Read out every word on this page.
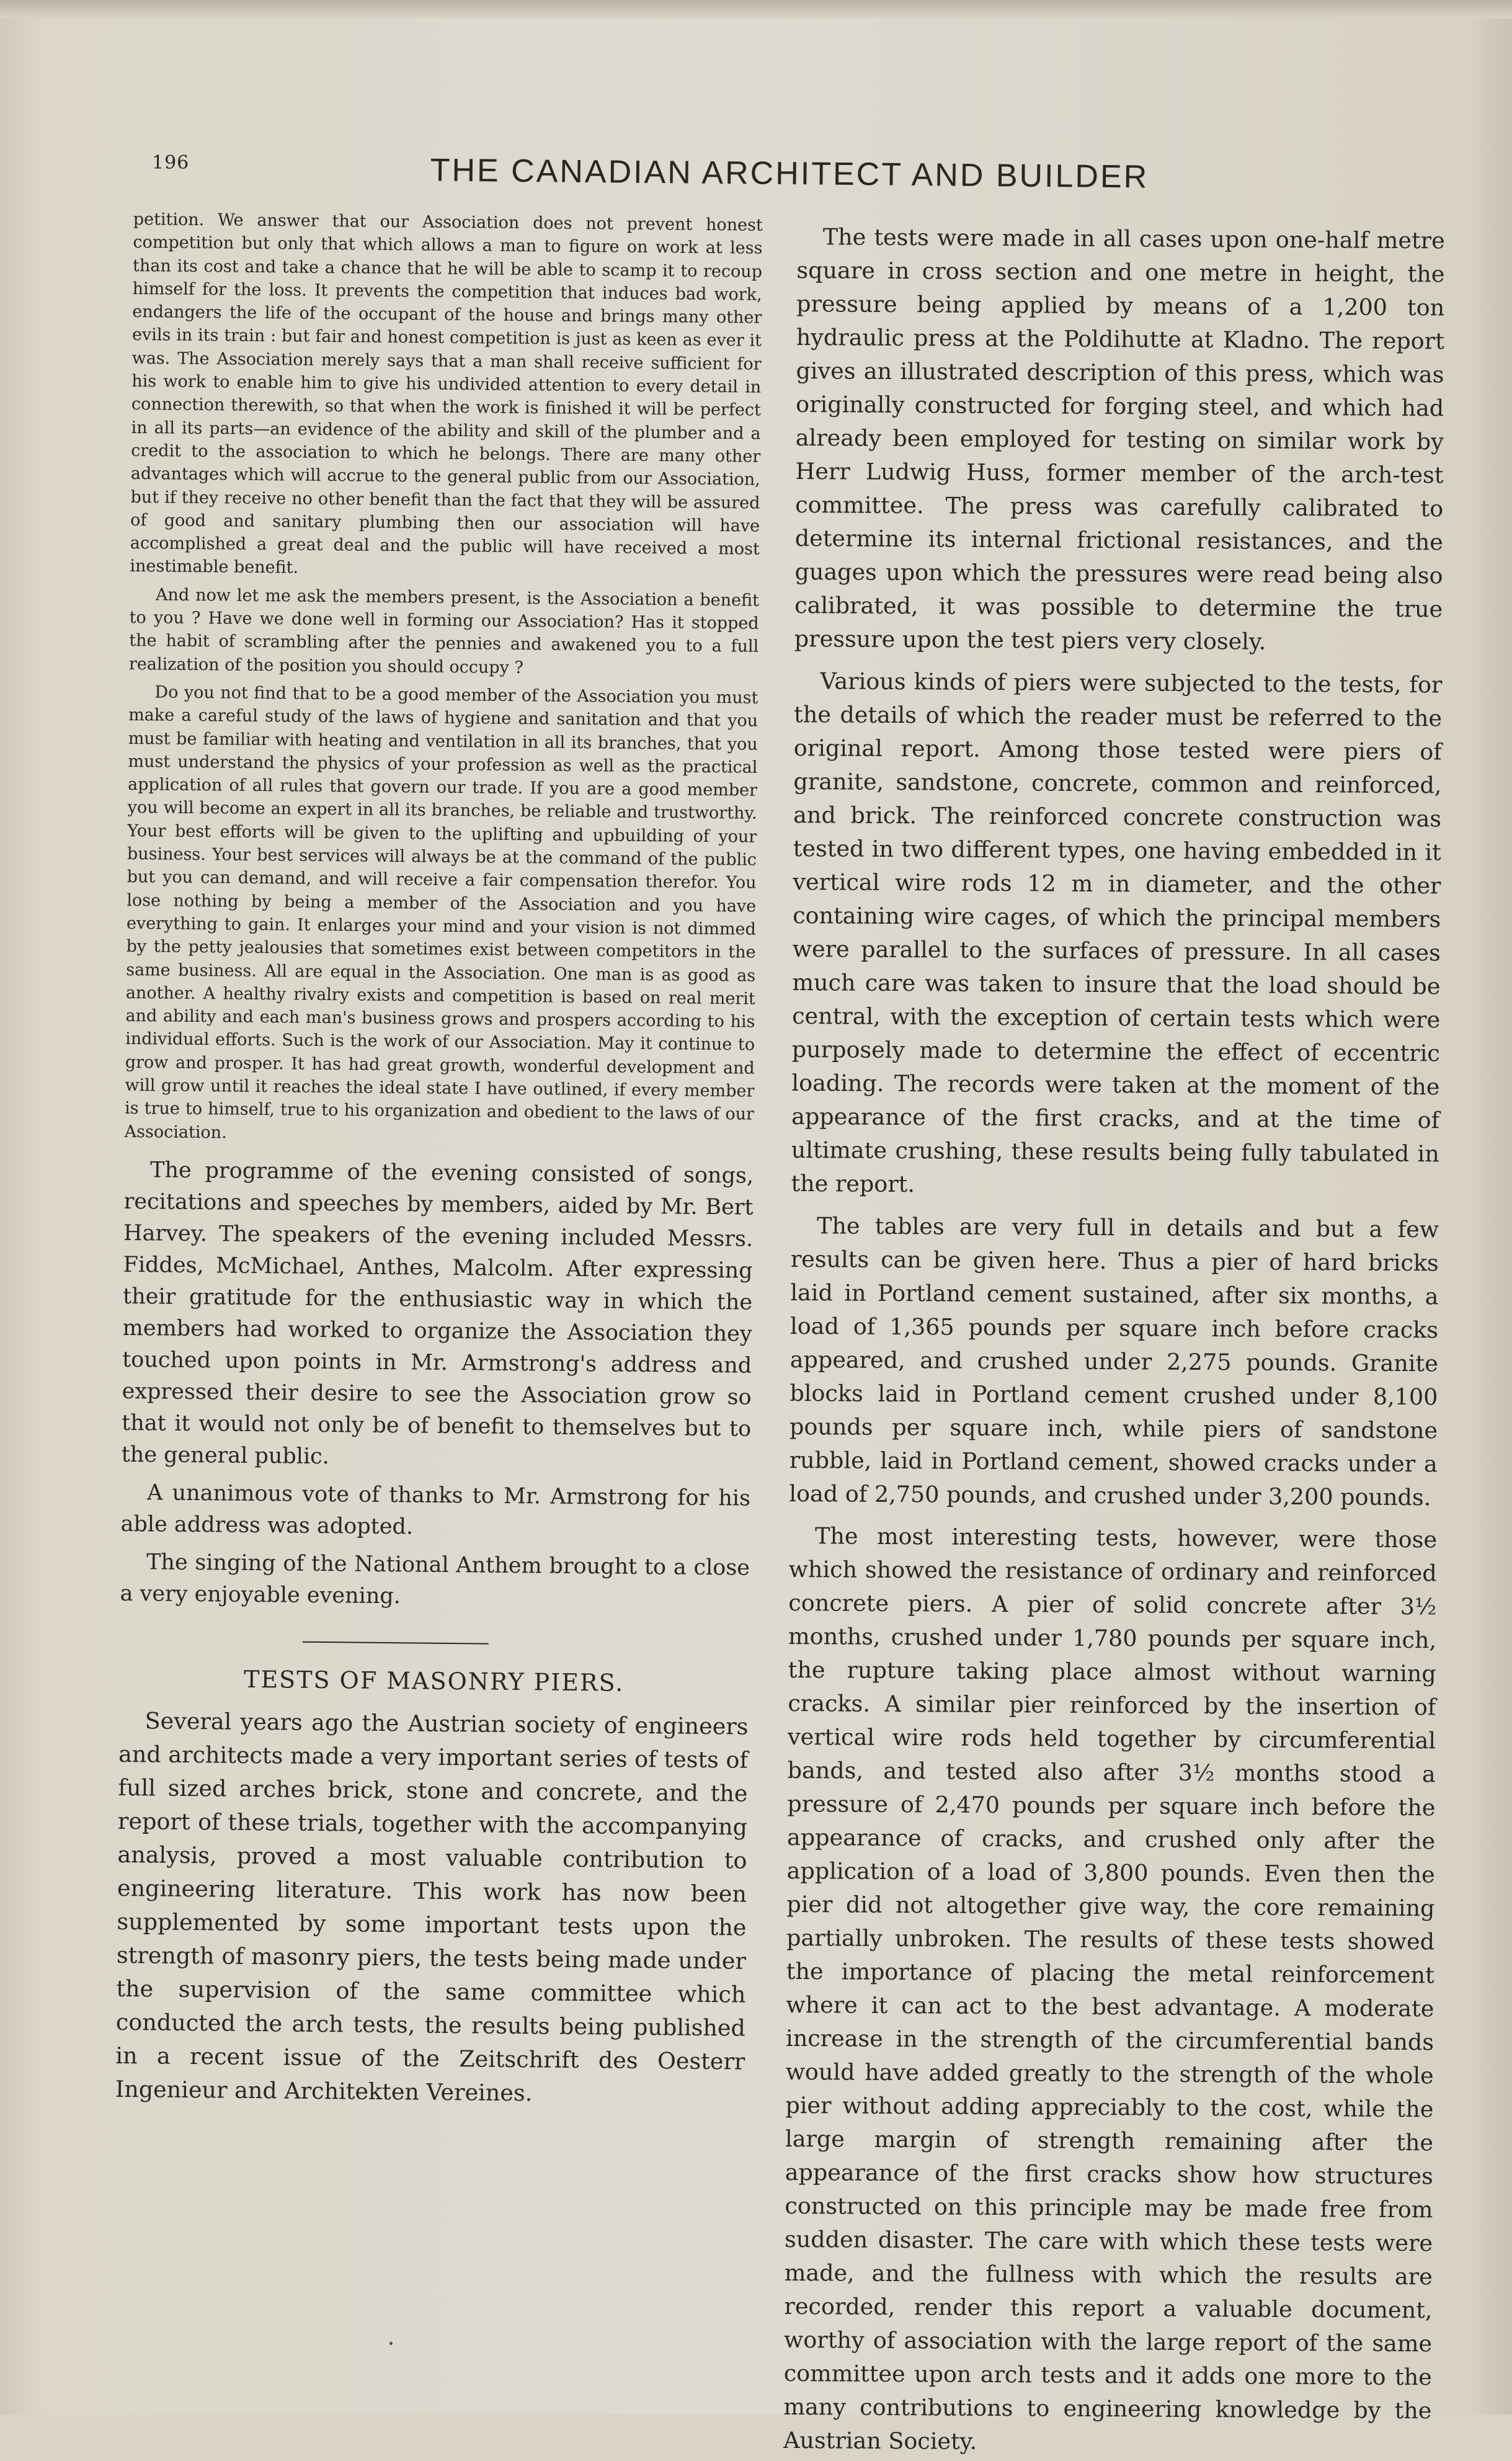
196	THE CANADIAN ARCHITECT AND BUILDER

petition. We answer that our Association does not prevent honest competition but only that which allows a man to figure on work at less than its cost and take a chance that he will be able to scamp it to recoup himself for the loss. It prevents the competition that induces bad work, endangers the life of the occupant of the house and brings many other evils in its train : but fair and honest competition is just as keen as ever it was. The Association merely says that a man shall receive sufficient for his work to enable him to give his undivided attention to every detail in connection therewith, so that when the work is finished it will be perfect in all its parts—an evidence of the ability and skill of the plumber and a credit to the association to which he belongs. There are many other advantages which will accrue to the general public from our Association, but if they receive no other benefit than the fact that they will be assured of good and sanitary plumbing then our association will have accomplished a great deal and the public will have received a most inestimable benefit.

And now let me ask the members present, is the Association a benefit to you ? Have we done well in forming our Association? Has it stopped the habit of scrambling after the pennies and awakened you to a full realization of the position you should occupy ?

Do you not find that to be a good member of the Association you must make a careful study of the laws of hygiene and sanitation and that you must be familiar with heating and ventilation in all its branches, that you must understand the physics of your profession as well as the practical application of all rules that govern our trade. If you are a good member you will become an expert in all its branches, be reliable and trustworthy. Your best efforts will be given to the uplifting and upbuilding of your business. Your best services will always be at the command of the public but you can demand, and will receive a fair compensation therefor. You lose nothing by being a member of the Association and you have everything to gain. It enlarges your mind and your vision is not dimmed by the petty jealousies that sometimes exist between competitors in the same business. All are equal in the Association. One man is as good as another. A healthy rivalry exists and competition is based on real merit and ability and each man's business grows and prospers according to his individual efforts. Such is the work of our Association. May it continue to grow and prosper. It has had great growth, wonderful development and will grow until it reaches the ideal state I have outlined, if every member is true to himself, true to his organization and obedient to the laws of our Association.

The programme of the evening consisted of songs, recitations and speeches by members, aided by Mr. Bert Harvey. The speakers of the evening included Messrs. Fiddes, McMichael, Anthes, Malcolm. After expressing their gratitude for the enthusiastic way in which the members had worked to organize the Association they touched upon points in Mr. Armstrong's address and expressed their desire to see the Association grow so that it would not only be of benefit to themselves but to the general public.

A unanimous vote of thanks to Mr. Armstrong for his able address was adopted.

The singing of the National Anthem brought to a close a very enjoyable evening.

TESTS OF MASONRY PIERS.

Several years ago the Austrian society of engineers and architects made a very important series of tests of full sized arches brick, stone and concrete, and the report of these trials, together with the accompanying analysis, proved a most valuable contribution to engineering literature. This work has now been supplemented by some important tests upon the strength of masonry piers, the tests being made under the supervision of the same committee which conducted the arch tests, the results being published in a recent issue of the Zeitschrift des Oesterr Ingenieur and Architekten Vereines.

The tests were made in all cases upon one-half metre square in cross section and one metre in height, the pressure being applied by means of a 1,200 ton hydraulic press at the Poldihutte at Kladno. The report gives an illustrated description of this press, which was originally constructed for forging steel, and which had already been employed for testing on similar work by Herr Ludwig Huss, former member of the arch-test committee. The press was carefully calibrated to determine its internal frictional resistances, and the guages upon which the pressures were read being also calibrated, it was possible to determine the true pressure upon the test piers very closely.

Various kinds of piers were subjected to the tests, for the details of which the reader must be referred to the original report. Among those tested were piers of granite, sandstone, concrete, common and reinforced, and brick. The reinforced concrete construction was tested in two different types, one having embedded in it vertical wire rods 12 m in diameter, and the other containing wire cages, of which the principal members were parallel to the surfaces of pressure. In all cases much care was taken to insure that the load should be central, with the exception of certain tests which were purposely made to determine the effect of eccentric loading. The records were taken at the moment of the appearance of the first cracks, and at the time of ultimate crushing, these results being fully tabulated in the report.

The tables are very full in details and but a few results can be given here. Thus a pier of hard bricks laid in Portland cement sustained, after six months, a load of 1,365 pounds per square inch before cracks appeared, and crushed under 2,275 pounds. Granite blocks laid in Portland cement crushed under 8,100 pounds per square inch, while piers of sandstone rubble, laid in Portland cement, showed cracks under a load of 2,750 pounds, and crushed under 3,200 pounds.

The most interesting tests, however, were those which showed the resistance of ordinary and reinforced concrete piers. A pier of solid concrete after 3½ months, crushed under 1,780 pounds per square inch, the rupture taking place almost without warning cracks. A similar pier reinforced by the insertion of vertical wire rods held together by circumferential bands, and tested also after 3½ months stood a pressure of 2,470 pounds per square inch before the appearance of cracks, and crushed only after the application of a load of 3,800 pounds. Even then the pier did not altogether give way, the core remaining partially unbroken. The results of these tests showed the importance of placing the metal reinforcement where it can act to the best advantage. A moderate increase in the strength of the circumferential bands would have added greatly to the strength of the whole pier without adding appreciably to the cost, while the large margin of strength remaining after the appearance of the first cracks show how structures constructed on this principle may be made free from sudden disaster. The care with which these tests were made, and the fullness with which the results are recorded, render this report a valuable document, worthy of association with the large report of the same committee upon arch tests and it adds one more to the many contributions to engineering knowledge by the Austrian Society.
